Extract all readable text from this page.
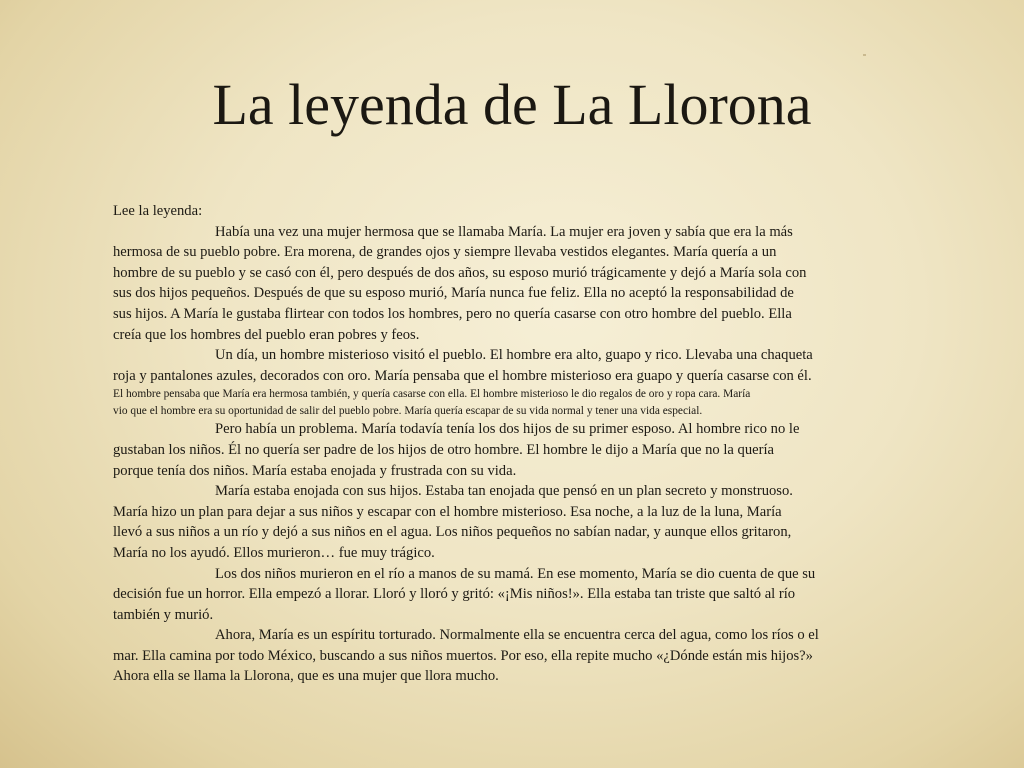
La leyenda de La Llorona
Lee la leyenda:
Había una vez una mujer hermosa que se llamaba María. La mujer era joven y sabía que era la más
hermosa de su pueblo pobre. Era morena, de grandes ojos y siempre llevaba vestidos elegantes. María quería a un
hombre de su pueblo y se casó con él, pero después de dos años, su esposo murió trágicamente y dejó a María sola con
sus dos hijos pequeños. Después de que su esposo murió, María nunca fue feliz. Ella no aceptó la responsabilidad de
sus hijos. A María le gustaba flirtear con todos los hombres, pero no quería casarse con otro hombre del pueblo. Ella
creía que los hombres del pueblo eran pobres y feos.
Un día, un hombre misterioso visitó el pueblo. El hombre era alto, guapo y rico. Llevaba una chaqueta
roja y pantalones azules, decorados con oro. María pensaba que el hombre misterioso era guapo y quería casarse con él.
El hombre pensaba que María era hermosa también, y quería casarse con ella. El hombre misterioso le dio regalos de oro y ropa cara. María
vio que el hombre era su oportunidad de salir del pueblo pobre. María quería escapar de su vida normal y tener una vida especial.
Pero había un problema. María todavía tenía los dos hijos de su primer esposo. Al hombre rico no le
gustaban los niños. Él no quería ser padre de los hijos de otro hombre. El hombre le dijo a María que no la quería
porque tenía dos niños. María estaba enojada y frustrada con su vida.
María estaba enojada con sus hijos. Estaba tan enojada que pensó en un plan secreto y monstruoso.
María hizo un plan para dejar a sus niños y escapar con el hombre misterioso. Esa noche, a la luz de la luna, María
llevó a sus niños a un río y dejó a sus niños en el agua. Los niños pequeños no sabían nadar, y aunque ellos gritaron,
María no los ayudó. Ellos murieron… fue muy trágico.
Los dos niños murieron en el río a manos de su mamá. En ese momento, María se dio cuenta de que su
decisión fue un horror. Ella empezó a llorar. Lloró y lloró y gritó: «¡Mis niños!». Ella estaba tan triste que saltó al río
también y murió.
Ahora, María es un espíritu torturado. Normalmente ella se encuentra cerca del agua, como los ríos o el
mar. Ella camina por todo México, buscando a sus niños muertos. Por eso, ella repite mucho «¿Dónde están mis hijos?»
Ahora ella se llama la Llorona, que es una mujer que llora mucho.
